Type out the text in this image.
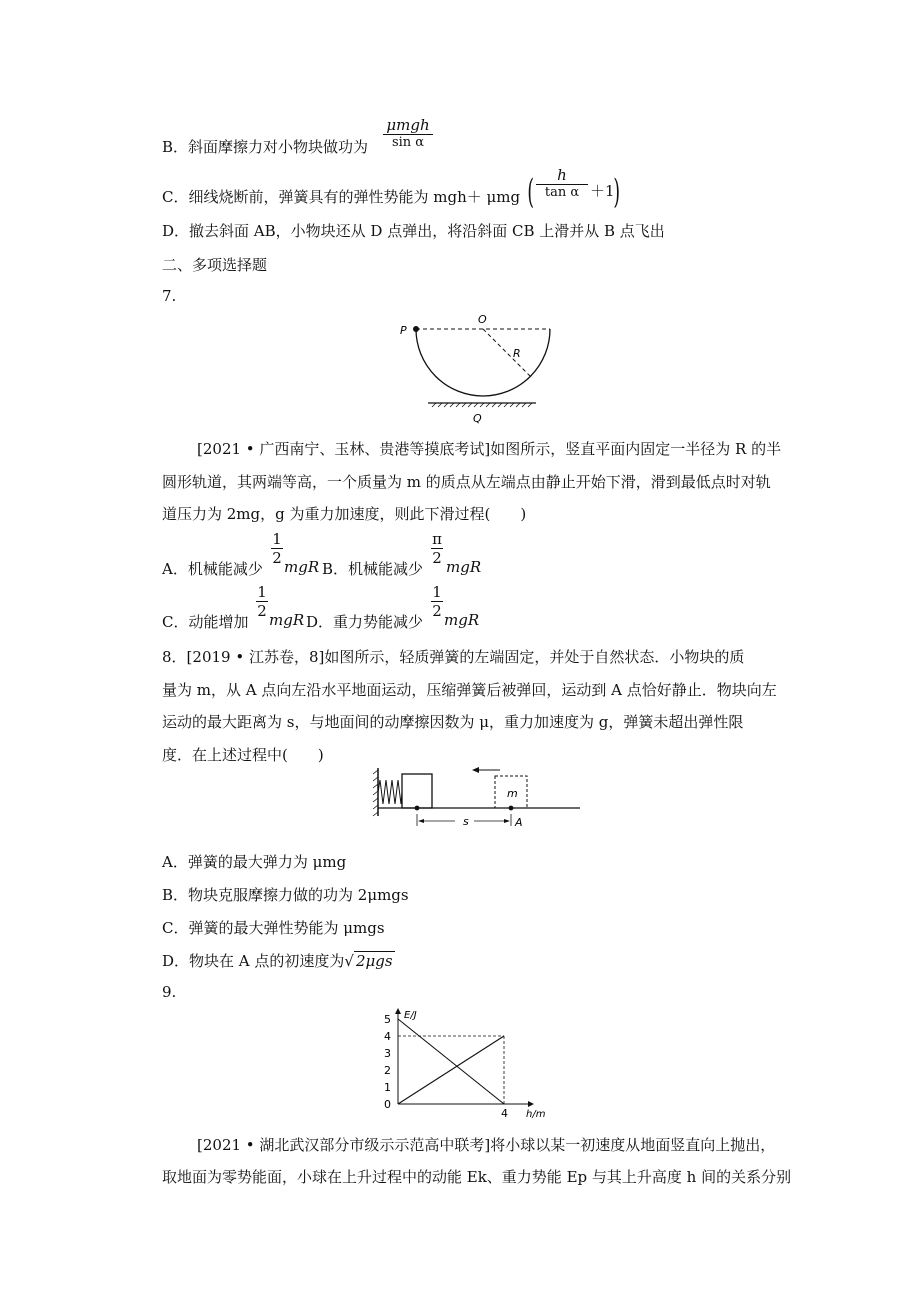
B．斜面摩擦力对小物块做功为
μmgh
sin α
C．细线烧断前，弹簧具有的弹性势能为 mgh＋ μmg (	h
tan α ＋1
)
D．撤去斜面 AB，小物块还从 D 点弹出，将沿斜面 CB 上滑并从 B 点飞出
二、多项选择题
7.
P
O
R
Q
[2021 • 广西南宁、玉林、贵港等摸底考试]如图所示，竖直平面内固定一半径为 R 的半
圆形轨道，其两端等高，一个质量为 m 的质点从左端点由静止开始下滑，滑到最低点时对轨
道压力为 2mg，g 为重力加速度，则此下滑过程(　　)
A．机械能减少
1
2 mgR B．机械能减少
π
2 mgR
C．动能增加
1
2 mgR D．重力势能减少
1
2 mgR
8．[2019 • 江苏卷，8]如图所示，轻质弹簧的左端固定，并处于自然状态．小物块的质
量为 m，从 A 点向左沿水平地面运动，压缩弹簧后被弹回，运动到 A 点恰好静止．物块向左
运动的最大距离为 s，与地面间的动摩擦因数为 μ，重力加速度为 g，弹簧未超出弹性限
度．在上述过程中(　　)
m
s	A
A．弹簧的最大弹力为 μmg
B．物块克服摩擦力做的功为 2μmgs
C．弹簧的最大弹性势能为 μmgs
D．物块在 A 点的初速度为√ 2μgs
9.
E/J
h/m
5
4
3
2
1
0
4
[2021 • 湖北武汉部分市级示示范高中联考]将小球以某一初速度从地面竖直向上抛出，
取地面为零势能面，小球在上升过程中的动能 Ek、重力势能 Ep 与其上升高度 h 间的关系分别
